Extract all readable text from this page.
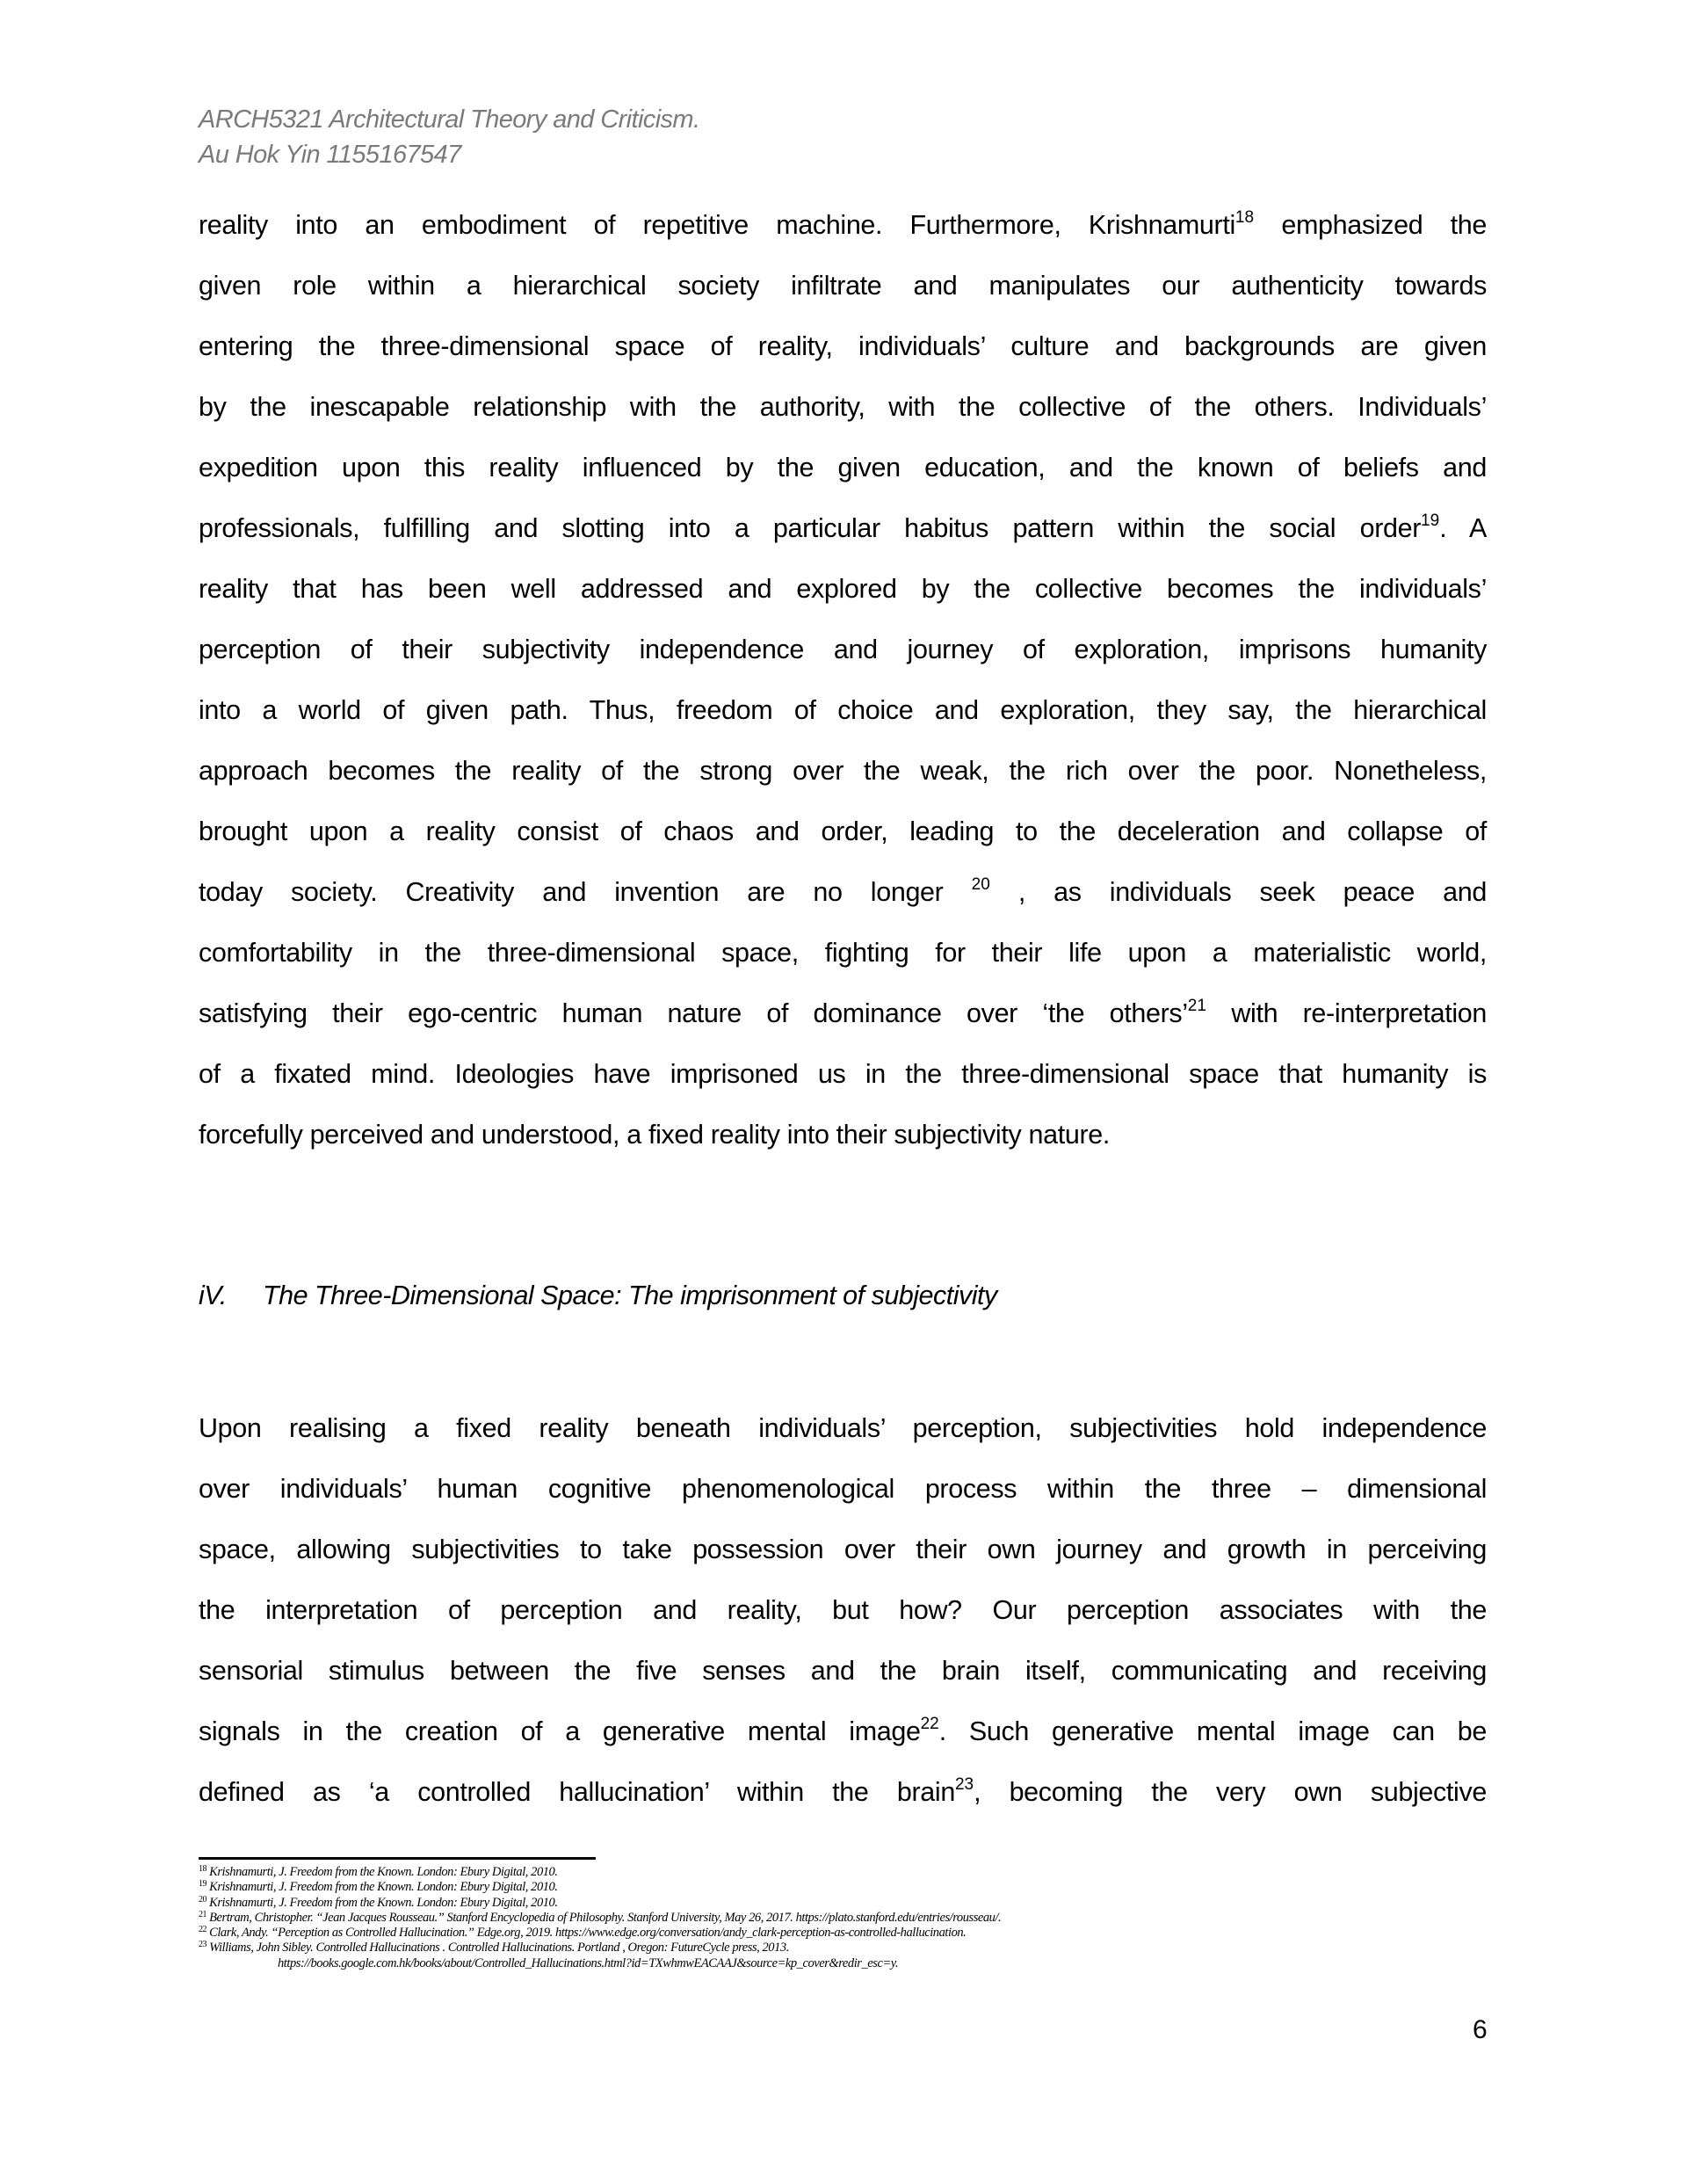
ARCH5321 Architectural Theory and Criticism.
Au Hok Yin 1155167547
reality into an embodiment of repetitive machine. Furthermore, Krishnamurti$^{18}$ emphasized the
given role within a hierarchical society infiltrate and manipulates our authenticity towards
entering the three-dimensional space of reality, individuals’ culture and backgrounds are given
by the inescapable relationship with the authority, with the collective of the others. Individuals’
expedition upon this reality influenced by the given education, and the known of beliefs and
professionals, fulfilling and slotting into a particular habitus pattern within the social order$^{19}$. A
reality that has been well addressed and explored by the collective becomes the individuals’
perception of their subjectivity independence and journey of exploration, imprisons humanity
into a world of given path. Thus, freedom of choice and exploration, they say, the hierarchical
approach becomes the reality of the strong over the weak, the rich over the poor. Nonetheless,
brought upon a reality consist of chaos and order, leading to the deceleration and collapse of
today society. Creativity and invention are no longer $^{20}$ , as individuals seek peace and
comfortability in the three-dimensional space, fighting for their life upon a materialistic world,
satisfying their ego-centric human nature of dominance over ‘the others’$^{21}$ with re-interpretation
of a fixated mind. Ideologies have imprisoned us in the three-dimensional space that humanity is
forcefully perceived and understood, a fixed reality into their subjectivity nature.
iV. The Three-Dimensional Space: The imprisonment of subjectivity
Upon realising a fixed reality beneath individuals’ perception, subjectivities hold independence
over individuals’ human cognitive phenomenological process within the three – dimensional
space, allowing subjectivities to take possession over their own journey and growth in perceiving
the interpretation of perception and reality, but how? Our perception associates with the
sensorial stimulus between the five senses and the brain itself, communicating and receiving
signals in the creation of a generative mental image$^{22}$. Such generative mental image can be
defined as ‘a controlled hallucination’ within the brain$^{23}$, becoming the very own subjective
$^{18}$ Krishnamurti, J. Freedom from the Known. London: Ebury Digital, 2010.
$^{19}$ Krishnamurti, J. Freedom from the Known. London: Ebury Digital, 2010.
$^{20}$ Krishnamurti, J. Freedom from the Known. London: Ebury Digital, 2010.
$^{21}$ Bertram, Christopher. “Jean Jacques Rousseau.” Stanford Encyclopedia of Philosophy. Stanford University, May 26, 2017. https://plato.stanford.edu/entries/rousseau/.
$^{22}$ Clark, Andy. “Perception as Controlled Hallucination.” Edge.org, 2019. https://www.edge.org/conversation/andy_clark-perception-as-controlled-hallucination.
$^{23}$ Williams, John Sibley. Controlled Hallucinations . Controlled Hallucinations. Portland , Oregon: FutureCycle press, 2013.
https://books.google.com.hk/books/about/Controlled_Hallucinations.html?id=TXwhmwEACAAJ&source=kp_cover&redir_esc=y.
6
